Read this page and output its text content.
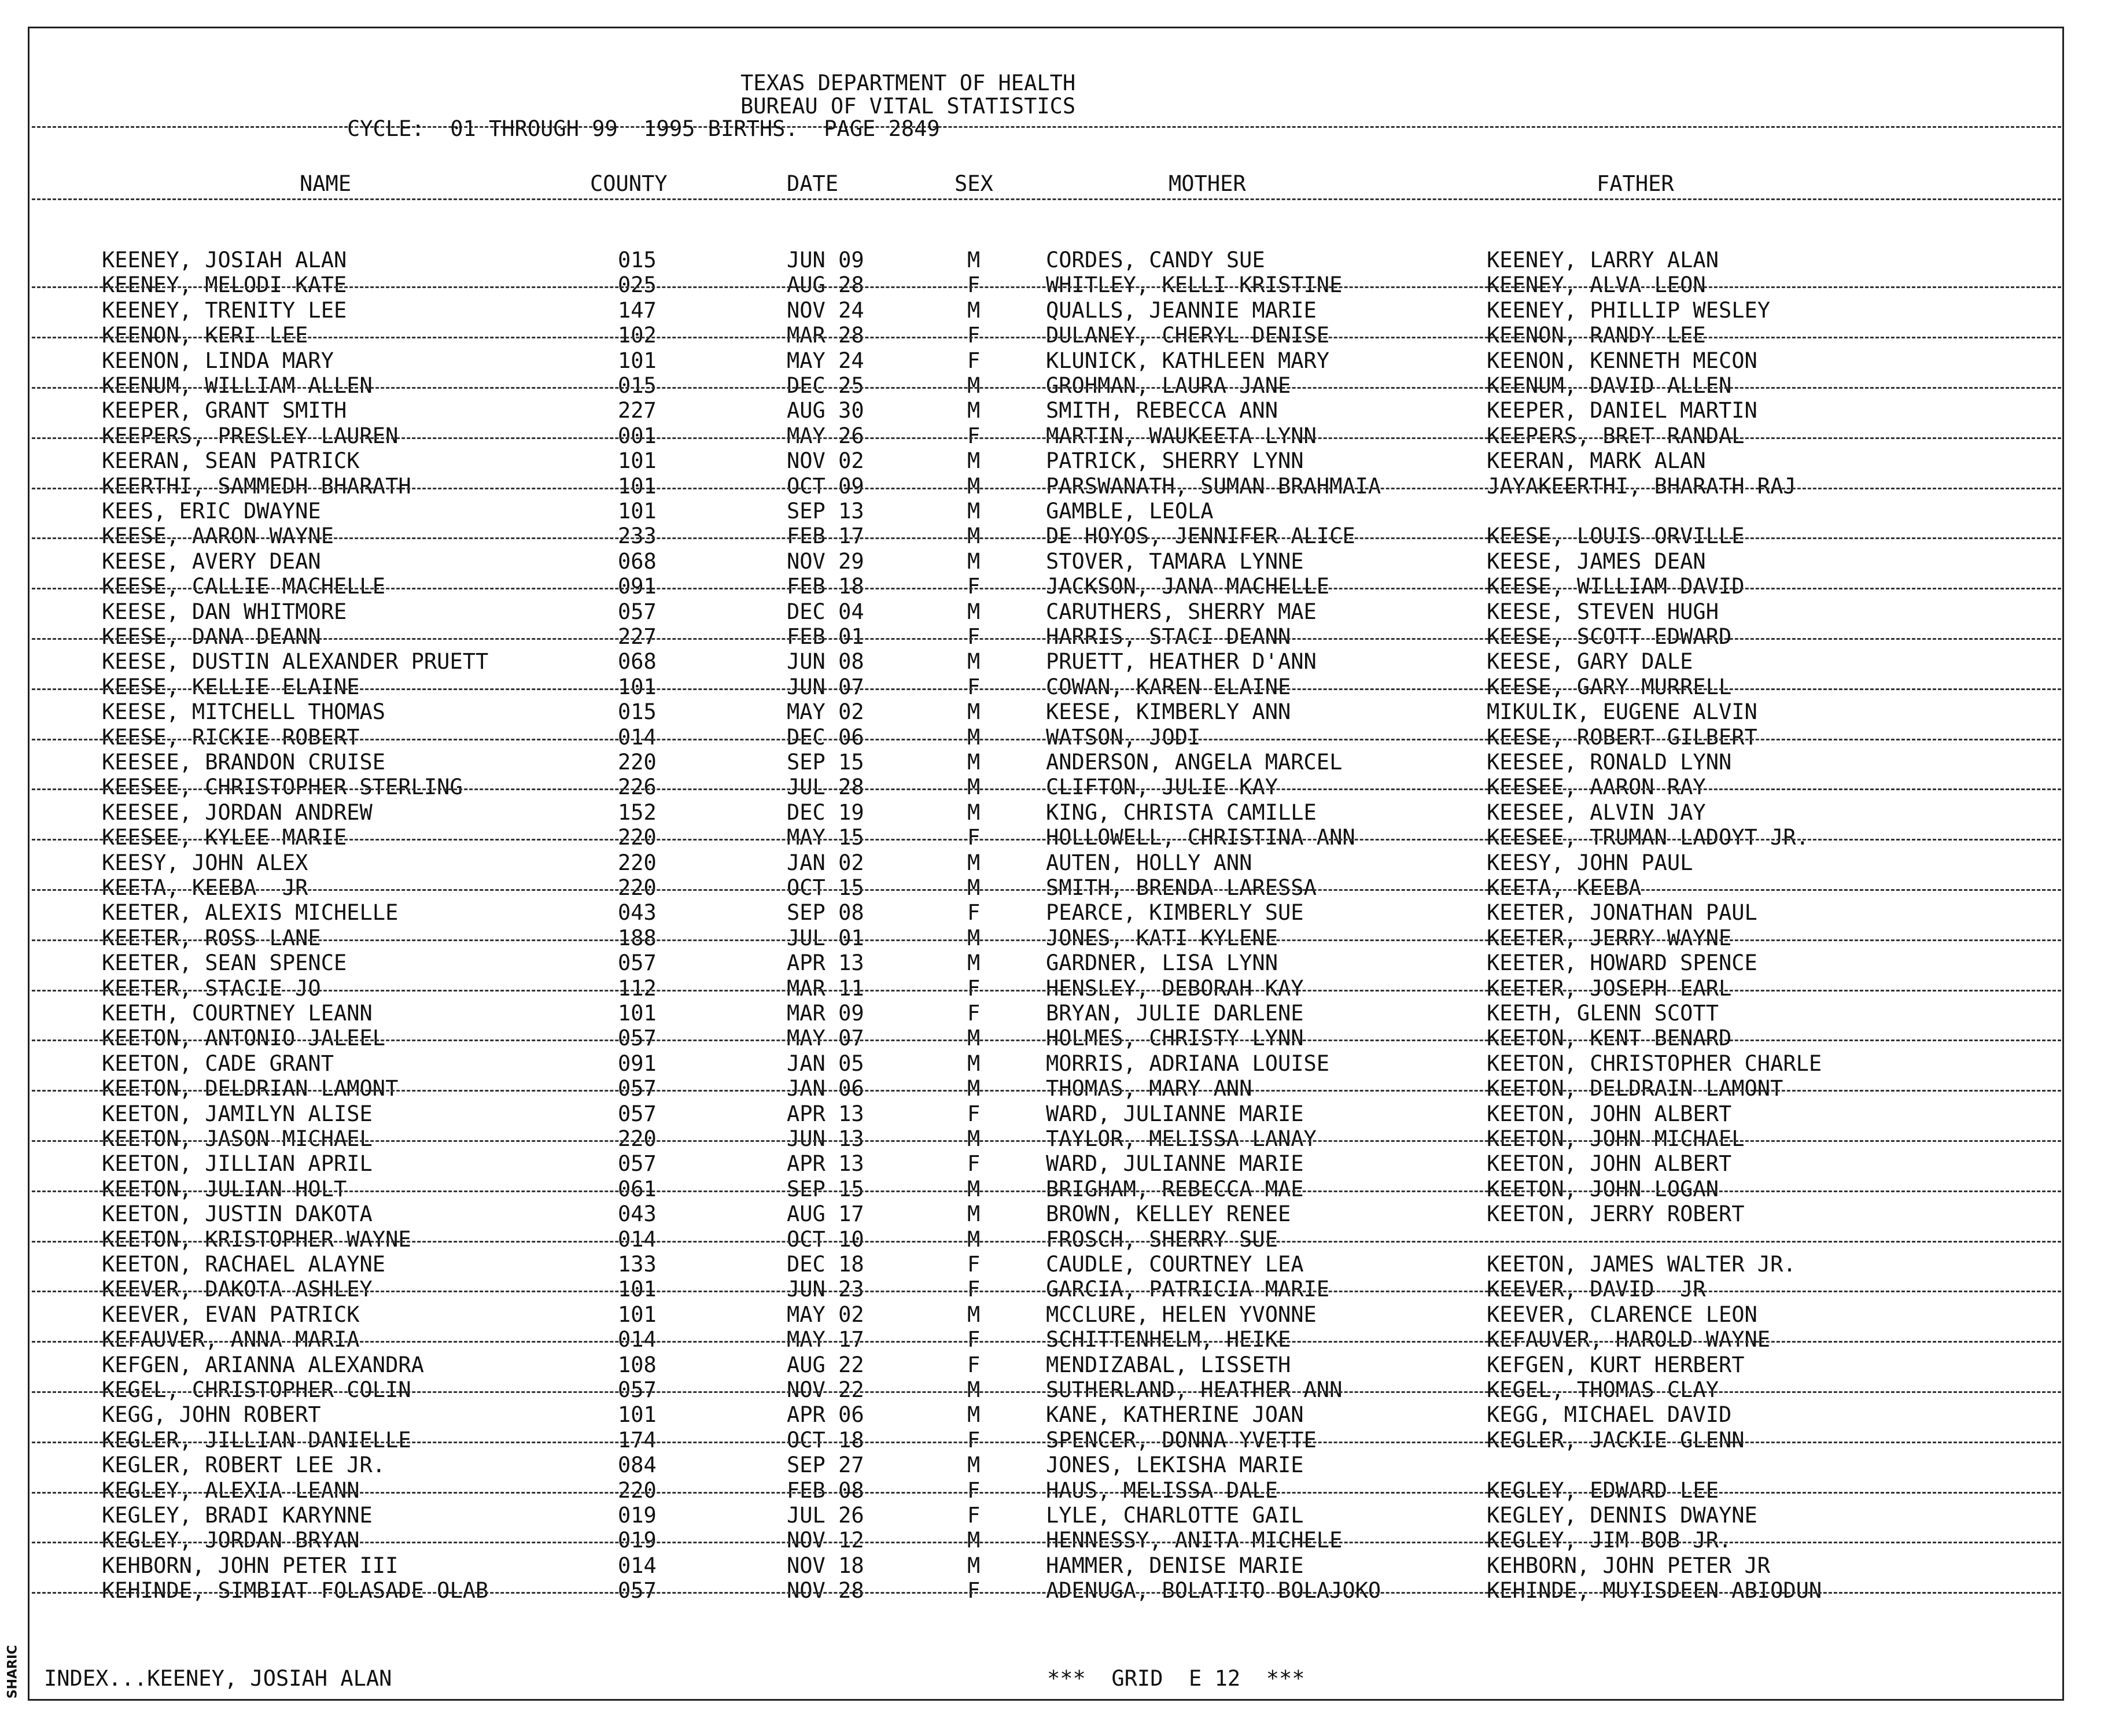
SHARIC
TEXAS DEPARTMENT OF HEALTH
BUREAU OF VITAL STATISTICS
CYCLE:  01 THROUGH 99  1995 BIRTHS.  PAGE 2849
NAME	COUNTY	DATE	SEX	MOTHER	FATHER
KEENEY, JOSIAH ALAN	015	JUN 09	M	CORDES, CANDY SUE	KEENEY, LARRY ALAN
KEENEY, MELODI KATE	025	AUG 28	F	WHITLEY, KELLI KRISTINE	KEENEY, ALVA LEON
KEENEY, TRENITY LEE	147	NOV 24	M	QUALLS, JEANNIE MARIE	KEENEY, PHILLIP WESLEY
KEENON, KERI LEE	102	MAR 28	F	DULANEY, CHERYL DENISE	KEENON, RANDY LEE
KEENON, LINDA MARY	101	MAY 24	F	KLUNICK, KATHLEEN MARY	KEENON, KENNETH MECON
KEENUM, WILLIAM ALLEN	015	DEC 25	M	GROHMAN, LAURA JANE	KEENUM, DAVID ALLEN
KEEPER, GRANT SMITH	227	AUG 30	M	SMITH, REBECCA ANN	KEEPER, DANIEL MARTIN
KEEPERS, PRESLEY LAUREN	001	MAY 26	F	MARTIN, WAUKEETA LYNN	KEEPERS, BRET RANDAL
KEERAN, SEAN PATRICK	101	NOV 02	M	PATRICK, SHERRY LYNN	KEERAN, MARK ALAN
KEERTHI, SAMMEDH BHARATH	101	OCT 09	M	PARSWANATH, SUMAN BRAHMAIA	JAYAKEERTHI, BHARATH RAJ
KEES, ERIC DWAYNE	101	SEP 13	M	GAMBLE, LEOLA
KEESE, AARON WAYNE	233	FEB 17	M	DE HOYOS, JENNIFER ALICE	KEESE, LOUIS ORVILLE
KEESE, AVERY DEAN	068	NOV 29	M	STOVER, TAMARA LYNNE	KEESE, JAMES DEAN
KEESE, CALLIE MACHELLE	091	FEB 18	F	JACKSON, JANA MACHELLE	KEESE, WILLIAM DAVID
KEESE, DAN WHITMORE	057	DEC 04	M	CARUTHERS, SHERRY MAE	KEESE, STEVEN HUGH
KEESE, DANA DEANN	227	FEB 01	F	HARRIS, STACI DEANN	KEESE, SCOTT EDWARD
KEESE, DUSTIN ALEXANDER PRUETT	068	JUN 08	M	PRUETT, HEATHER D'ANN	KEESE, GARY DALE
KEESE, KELLIE ELAINE	101	JUN 07	F	COWAN, KAREN ELAINE	KEESE, GARY MURRELL
KEESE, MITCHELL THOMAS	015	MAY 02	M	KEESE, KIMBERLY ANN	MIKULIK, EUGENE ALVIN
KEESE, RICKIE ROBERT	014	DEC 06	M	WATSON, JODI	KEESE, ROBERT GILBERT
KEESEE, BRANDON CRUISE	220	SEP 15	M	ANDERSON, ANGELA MARCEL	KEESEE, RONALD LYNN
KEESEE, CHRISTOPHER STERLING	226	JUL 28	M	CLIFTON, JULIE KAY	KEESEE, AARON RAY
KEESEE, JORDAN ANDREW	152	DEC 19	M	KING, CHRISTA CAMILLE	KEESEE, ALVIN JAY
KEESEE, KYLEE MARIE	220	MAY 15	F	HOLLOWELL, CHRISTINA ANN	KEESEE, TRUMAN LADOYT JR.
KEESY, JOHN ALEX	220	JAN 02	M	AUTEN, HOLLY ANN	KEESY, JOHN PAUL
KEETA, KEEBA  JR	220	OCT 15	M	SMITH, BRENDA LARESSA	KEETA, KEEBA
KEETER, ALEXIS MICHELLE	043	SEP 08	F	PEARCE, KIMBERLY SUE	KEETER, JONATHAN PAUL
KEETER, ROSS LANE	188	JUL 01	M	JONES, KATI KYLENE	KEETER, JERRY WAYNE
KEETER, SEAN SPENCE	057	APR 13	M	GARDNER, LISA LYNN	KEETER, HOWARD SPENCE
KEETER, STACIE JO	112	MAR 11	F	HENSLEY, DEBORAH KAY	KEETER, JOSEPH EARL
KEETH, COURTNEY LEANN	101	MAR 09	F	BRYAN, JULIE DARLENE	KEETH, GLENN SCOTT
KEETON, ANTONIO JALEEL	057	MAY 07	M	HOLMES, CHRISTY LYNN	KEETON, KENT BENARD
KEETON, CADE GRANT	091	JAN 05	M	MORRIS, ADRIANA LOUISE	KEETON, CHRISTOPHER CHARLE
KEETON, DELDRIAN LAMONT	057	JAN 06	M	THOMAS, MARY ANN	KEETON, DELDRAIN LAMONT
KEETON, JAMILYN ALISE	057	APR 13	F	WARD, JULIANNE MARIE	KEETON, JOHN ALBERT
KEETON, JASON MICHAEL	220	JUN 13	M	TAYLOR, MELISSA LANAY	KEETON, JOHN MICHAEL
KEETON, JILLIAN APRIL	057	APR 13	F	WARD, JULIANNE MARIE	KEETON, JOHN ALBERT
KEETON, JULIAN HOLT	061	SEP 15	M	BRIGHAM, REBECCA MAE	KEETON, JOHN LOGAN
KEETON, JUSTIN DAKOTA	043	AUG 17	M	BROWN, KELLEY RENEE	KEETON, JERRY ROBERT
KEETON, KRISTOPHER WAYNE	014	OCT 10	M	FROSCH, SHERRY SUE
KEETON, RACHAEL ALAYNE	133	DEC 18	F	CAUDLE, COURTNEY LEA	KEETON, JAMES WALTER JR.
KEEVER, DAKOTA ASHLEY	101	JUN 23	F	GARCIA, PATRICIA MARIE	KEEVER, DAVID  JR
KEEVER, EVAN PATRICK	101	MAY 02	M	MCCLURE, HELEN YVONNE	KEEVER, CLARENCE LEON
KEFAUVER, ANNA MARIA	014	MAY 17	F	SCHITTENHELM, HEIKE	KEFAUVER, HAROLD WAYNE
KEFGEN, ARIANNA ALEXANDRA	108	AUG 22	F	MENDIZABAL, LISSETH	KEFGEN, KURT HERBERT
KEGEL, CHRISTOPHER COLIN	057	NOV 22	M	SUTHERLAND, HEATHER ANN	KEGEL, THOMAS CLAY
KEGG, JOHN ROBERT	101	APR 06	M	KANE, KATHERINE JOAN	KEGG, MICHAEL DAVID
KEGLER, JILLIAN DANIELLE	174	OCT 18	F	SPENCER, DONNA YVETTE	KEGLER, JACKIE GLENN
KEGLER, ROBERT LEE JR.	084	SEP 27	M	JONES, LEKISHA MARIE
KEGLEY, ALEXIA LEANN	220	FEB 08	F	HAUS, MELISSA DALE	KEGLEY, EDWARD LEE
KEGLEY, BRADI KARYNNE	019	JUL 26	F	LYLE, CHARLOTTE GAIL	KEGLEY, DENNIS DWAYNE
KEGLEY, JORDAN BRYAN	019	NOV 12	M	HENNESSY, ANITA MICHELE	KEGLEY, JIM BOB JR.
KEHBORN, JOHN PETER III	014	NOV 18	M	HAMMER, DENISE MARIE	KEHBORN, JOHN PETER JR
KEHINDE, SIMBIAT FOLASADE OLAB	057	NOV 28	F	ADENUGA, BOLATITO BOLAJOKO	KEHINDE, MUYISDEEN ABIODUN
INDEX...KEENEY, JOSIAH ALAN	***  GRID  E 12  ***
